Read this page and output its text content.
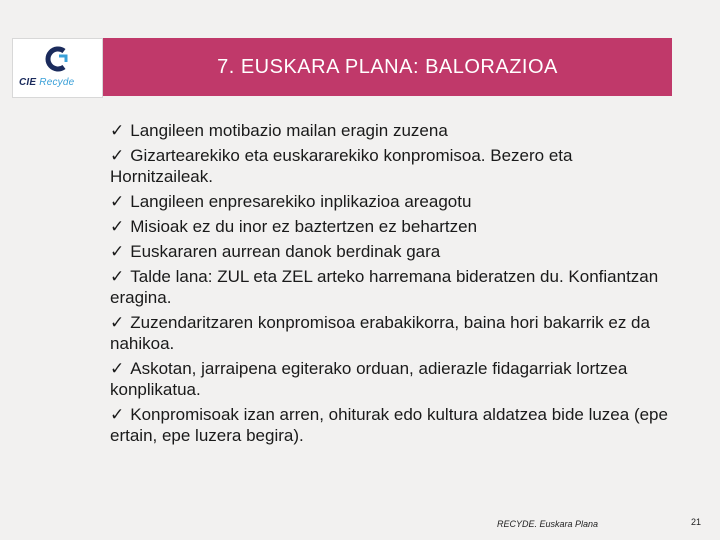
CIE Recyde
7. EUSKARA PLANA: BALORAZIOA

✓ Langileen motibazio mailan eragin zuzena

✓ Gizartearekiko eta euskararekiko konpromisoa. Bezero eta Hornitzaileak.

✓ Langileen enpresarekiko inplikazioa areagotu

✓ Misioak ez du inor ez baztertzen ez behartzen

✓ Euskararen aurrean danok berdinak gara

✓ Talde lana: ZUL eta ZEL arteko harremana bideratzen du. Konfiantzan eragina.

✓ Zuzendaritzaren konpromisoa erabakikorra, baina hori bakarrik ez da nahikoa.

✓ Askotan, jarraipena egiterako orduan, adierazle fidagarriak lortzea konplikatua.

✓ Konpromisoak izan arren, ohiturak edo kultura aldatzea bide luzea (epe ertain, epe luzera begira).

RECYDE. Euskara Plana	21
